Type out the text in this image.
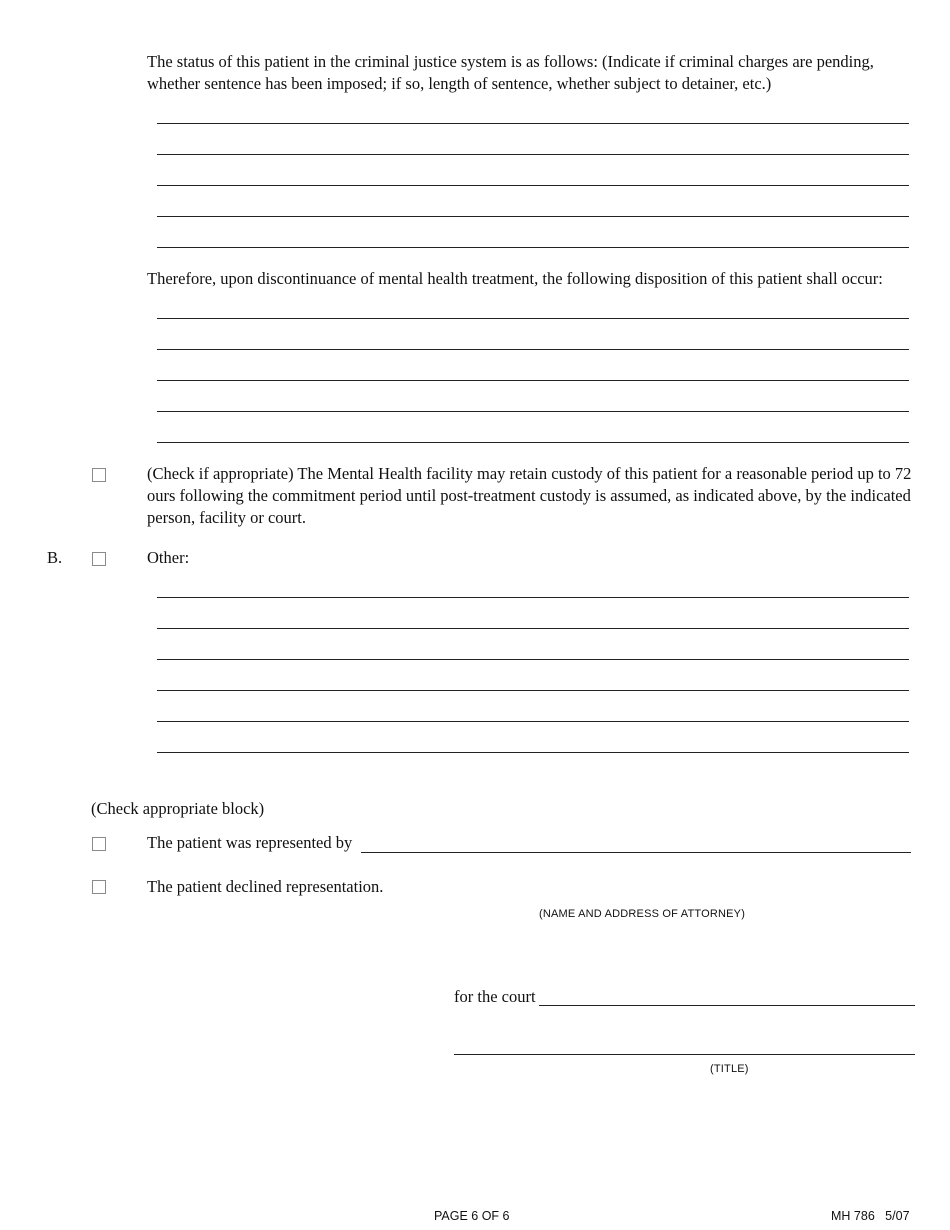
The status of this patient in the criminal justice system is as follows: (Indicate if criminal charges are pending, whether sentence has been imposed; if so, length of sentence, whether subject to detainer, etc.)
Therefore, upon discontinuance of mental health treatment, the following disposition of this patient shall occur:
(Check if appropriate) The Mental Health facility may retain custody of this patient for a reasonable period up to 72 ours following the commitment period until post-treatment custody is assumed, as indicated above, by the indicated person, facility or court.
B.	Other:
(Check appropriate block)
The patient was represented by
The patient declined representation.
(NAME AND ADDRESS OF ATTORNEY)
for the court
(TITLE)
PAGE 6 OF 6	MH 786   5/07
